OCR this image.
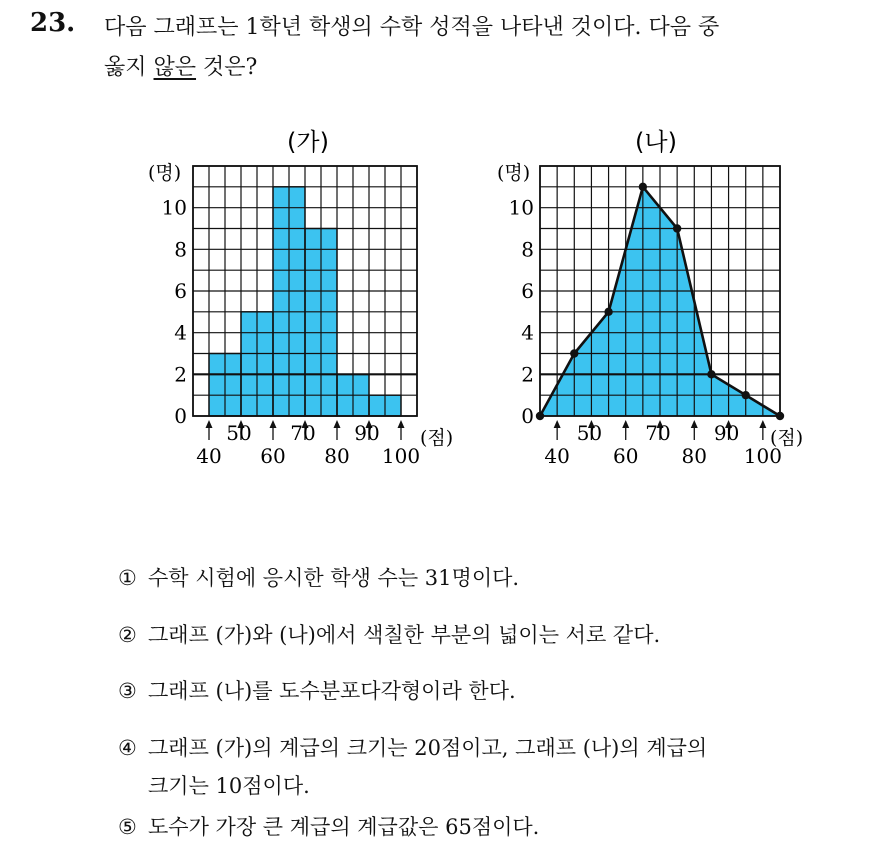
23. 다음 그래프는 1학년 학생의 수학 성적을 나타낸 것이다. 다음 중
옳지 않은 것은?
(가)
(명)
(점)
0
2
4
6
8
10
50 70 90
40 60 80 100
(나)
(명)
(점)
0
2
4
6
8
10
50 70 90
40 60 80 100
① 수학 시험에 응시한 학생 수는 31명이다.
② 그래프 (가)와 (나)에서 색칠한 부분의 넓이는 서로 같다.
③ 그래프 (나)를 도수분포다각형이라 한다.
④ 그래프 (가)의 계급의 크기는 20점이고, 그래프 (나)의 계급의
크기는 10점이다.
⑤ 도수가 가장 큰 계급의 계급값은 65점이다.
